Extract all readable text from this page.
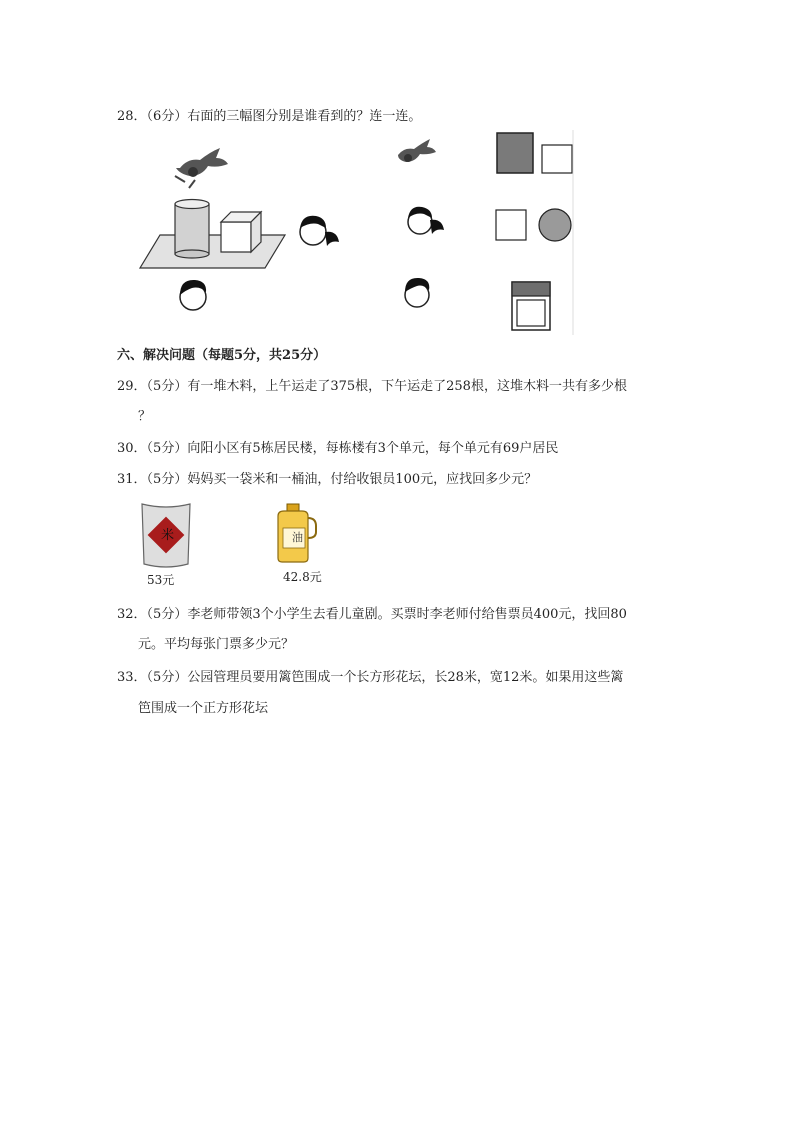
28．（6分）右面的三幅图分别是谁看到的？连一连。
六、解决问题（每题5分，共25分）
29．（5分）有一堆木料，上午运走了375根，下午运走了258根，这堆木料一共有多少根
？
30．（5分）向阳小区有5栋居民楼，每栋楼有3个单元，每个单元有69户居民
31．（5分）妈妈买一袋米和一桶油，付给收银员100元，应找回多少元？
米
53元
油
42.8元
32．（5分）李老师带领3个小学生去看儿童剧。买票时李老师付给售票员400元，找回80
元。平均每张门票多少元？
33．（5分）公园管理员要用篱笆围成一个长方形花坛，长28米，宽12米。如果用这些篱
笆围成一个正方形花坛
